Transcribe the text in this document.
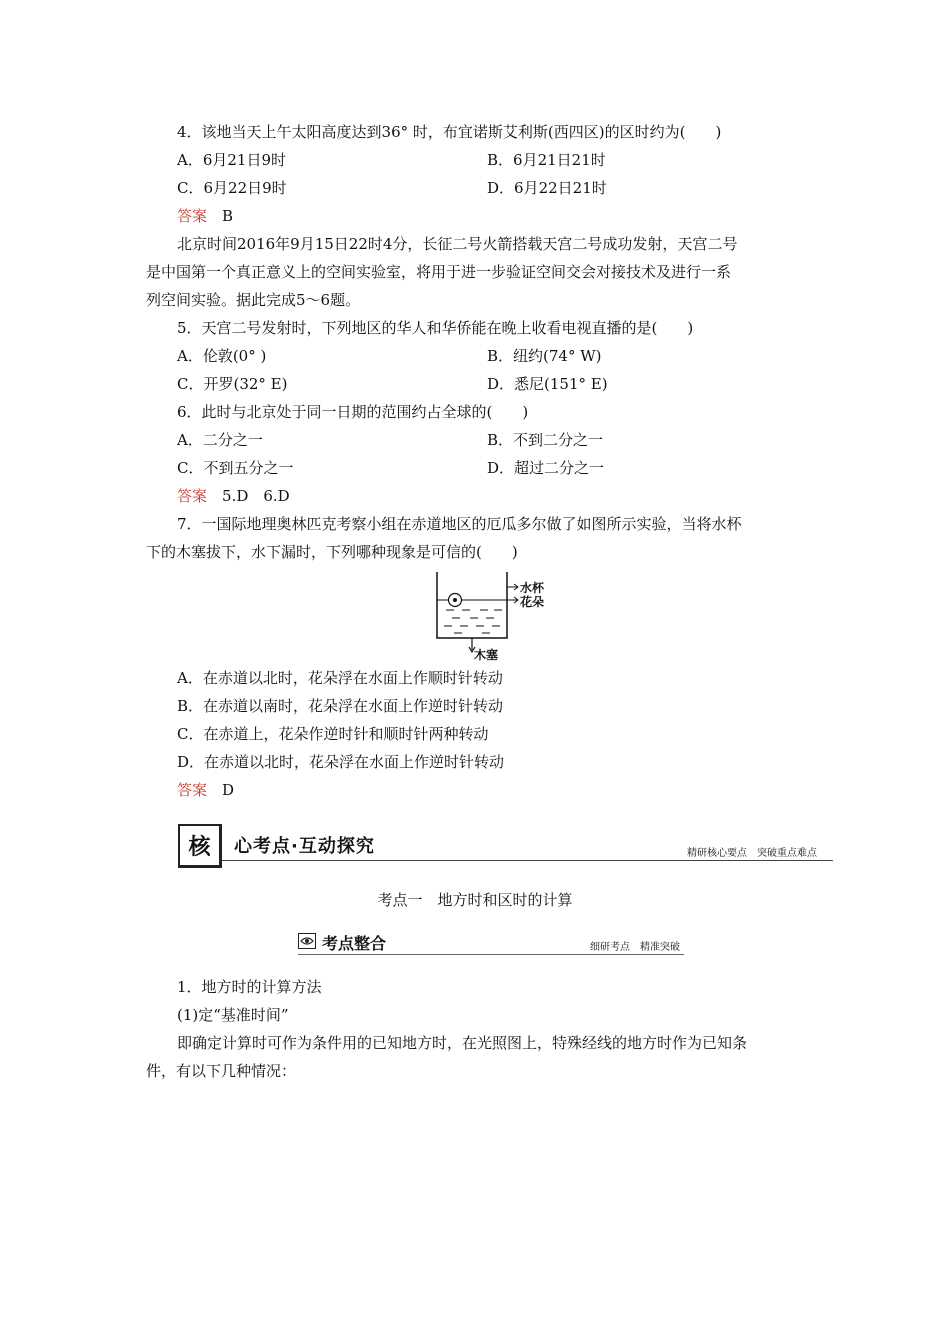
4．该地当天上午太阳高度达到36° 时，布宜诺斯艾利斯(西四区)的区时约为(　　)
A．6月21日9时	B．6月21日21时
C．6月22日9时	D．6月22日21时
答案　 B
北京时间2016年9月15日22时4分，长征二号火箭搭载天宫二号成功发射，天宫二号
是中国第一个真正意义上的空间实验室，将用于进一步验证空间交会对接技术及进行一系
列空间实验。据此完成5～6题。
5．天宫二号发射时，下列地区的华人和华侨能在晚上收看电视直播的是(　　)
A．伦敦(0° )	B．纽约(74° W)
C．开罗(32° E)	D．悉尼(151° E)
6．此时与北京处于同一日期的范围约占全球的(　　)
A．二分之一	B．不到二分之一
C．不到五分之一	D．超过二分之一
答案　 5.D　6.D
7．一国际地理奥林匹克考察小组在赤道地区的厄瓜多尔做了如图所示实验，当将水杯
下的木塞拔下，水下漏时，下列哪种现象是可信的(　　)
水杯
花朵
木塞
A．在赤道以北时，花朵浮在水面上作顺时针转动
B．在赤道以南时，花朵浮在水面上作逆时针转动
C．在赤道上，花朵作逆时针和顺时针两种转动
D．在赤道以北时，花朵浮在水面上作逆时针转动
答案　 D
核	心考点·互动探究	精研核心要点　突破重点难点
考点一　地方时和区时的计算
考点整合	细研考点　精准突破
1．地方时的计算方法
(1)定“基准时间”
即确定计算时可作为条件用的已知地方时，在光照图上，特殊经线的地方时作为已知条
件，有以下几种情况：
